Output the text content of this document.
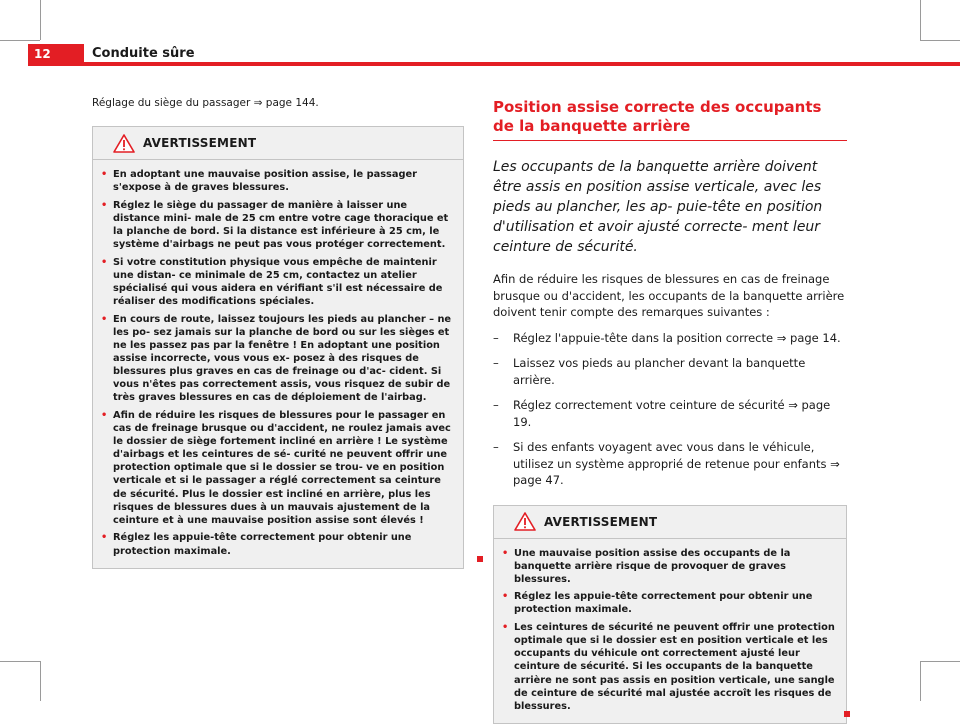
12	Conduite sûre
Réglage du siège du passager ⇒ page 144.
AVERTISSEMENT
• En adoptant une mauvaise position assise, le passager s'expose à de graves blessures.
• Réglez le siège du passager de manière à laisser une distance mini- male de 25 cm entre votre cage thoracique et la planche de bord. Si la distance est inférieure à 25 cm, le système d'airbags ne peut pas vous protéger correctement.
• Si votre constitution physique vous empêche de maintenir une distan- ce minimale de 25 cm, contactez un atelier spécialisé qui vous aidera en vérifiant s'il est nécessaire de réaliser des modifications spéciales.
• En cours de route, laissez toujours les pieds au plancher – ne les po- sez jamais sur la planche de bord ou sur les sièges et ne les passez pas par la fenêtre ! En adoptant une position assise incorrecte, vous vous ex- posez à des risques de blessures plus graves en cas de freinage ou d'ac- cident. Si vous n'êtes pas correctement assis, vous risquez de subir de très graves blessures en cas de déploiement de l'airbag.
• Afin de réduire les risques de blessures pour le passager en cas de freinage brusque ou d'accident, ne roulez jamais avec le dossier de siège fortement incliné en arrière ! Le système d'airbags et les ceintures de sé- curité ne peuvent offrir une protection optimale que si le dossier se trou- ve en position verticale et si le passager a réglé correctement sa ceinture de sécurité. Plus le dossier est incliné en arrière, plus les risques de blessures dues à un mauvais ajustement de la ceinture et à une mauvaise position assise sont élevés !
• Réglez les appuie-tête correctement pour obtenir une protection maximale.
Position assise correcte des occupants de la banquette arrière
Les occupants de la banquette arrière doivent être assis en position assise verticale, avec les pieds au plancher, les ap- puie-tête en position d'utilisation et avoir ajusté correcte- ment leur ceinture de sécurité.
Afin de réduire les risques de blessures en cas de freinage brusque ou d'accident, les occupants de la banquette arrière doivent tenir compte des remarques suivantes :
–	Réglez l'appuie-tête dans la position correcte ⇒ page 14.
–	Laissez vos pieds au plancher devant la banquette arrière.
–	Réglez correctement votre ceinture de sécurité ⇒ page 19.
–	Si des enfants voyagent avec vous dans le véhicule, utilisez un système approprié de retenue pour enfants ⇒ page 47.
AVERTISSEMENT
• Une mauvaise position assise des occupants de la banquette arrière risque de provoquer de graves blessures.
• Réglez les appuie-tête correctement pour obtenir une protection maximale.
• Les ceintures de sécurité ne peuvent offrir une protection optimale que si le dossier est en position verticale et les occupants du véhicule ont correctement ajusté leur ceinture de sécurité. Si les occupants de la banquette arrière ne sont pas assis en position verticale, une sangle de ceinture de sécurité mal ajustée accroît les risques de blessures.
